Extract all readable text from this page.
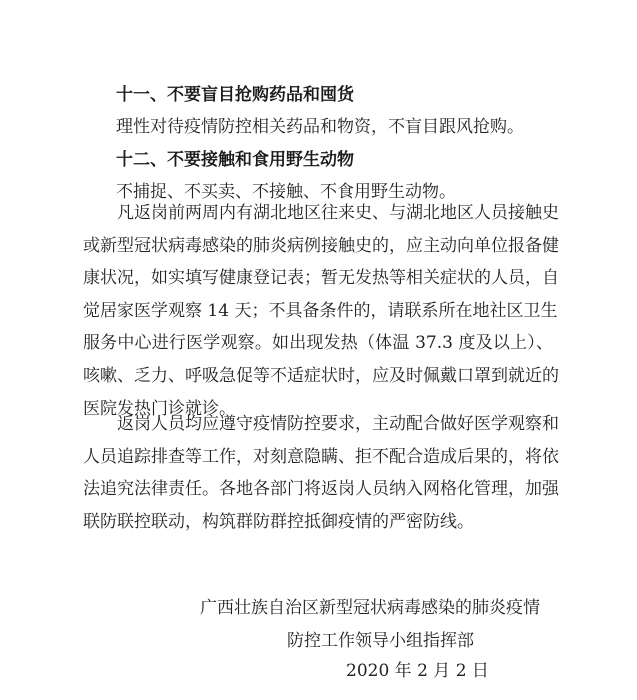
十一、不要盲目抢购药品和囤货
理性对待疫情防控相关药品和物资，不盲目跟风抢购。
十二、不要接触和食用野生动物
不捕捉、不买卖、不接触、不食用野生动物。
凡返岗前两周内有湖北地区往来史、与湖北地区人员接触史
或新型冠状病毒感染的肺炎病例接触史的，应主动向单位报备健
康状况，如实填写健康登记表；暂无发热等相关症状的人员，自
觉居家医学观察 14 天；不具备条件的，请联系所在地社区卫生
服务中心进行医学观察。如出现发热（体温 37.3 度及以上）、
咳嗽、乏力、呼吸急促等不适症状时，应及时佩戴口罩到就近的
医院发热门诊就诊。
返岗人员均应遵守疫情防控要求，主动配合做好医学观察和
人员追踪排查等工作，对刻意隐瞒、拒不配合造成后果的，将依
法追究法律责任。各地各部门将返岗人员纳入网格化管理，加强
联防联控联动，构筑群防群控抵御疫情的严密防线。
广西壮族自治区新型冠状病毒感染的肺炎疫情
防控工作领导小组指挥部
2020 年 2 月 2 日
